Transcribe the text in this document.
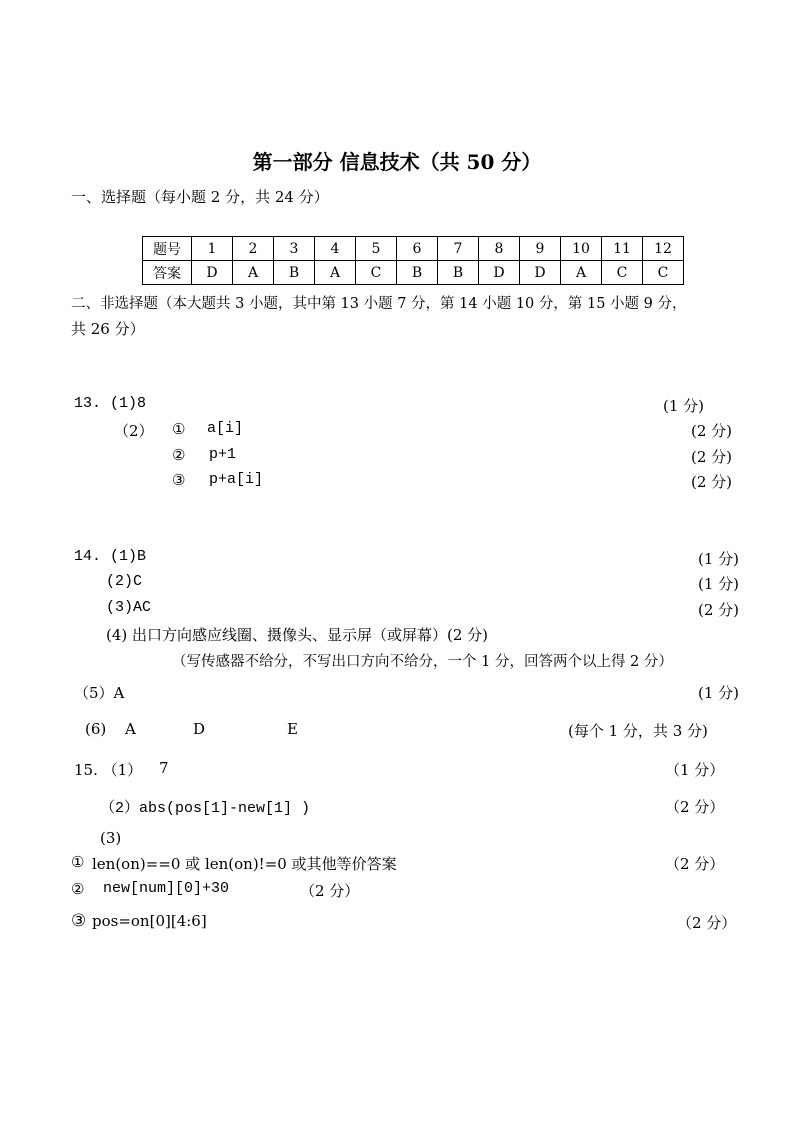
第一部分 信息技术（共 50 分）
一、选择题（每小题 2 分，共 24 分）
题号	1	2	3	4	5	6	7	8	9	10	11	12
答案	D	A	B	A	C	B	B	D	D	A	C	C
二、非选择题（本大题共 3 小题，其中第 13 小题 7 分，第 14 小题 10 分，第 15 小题 9 分，
共 26 分）
13. (1)8	(1 分)
（2） ① a[i]	(2 分)
② p+1	(2 分)
③ p+a[i]	(2 分)
14. (1)B	(1 分)
(2)C	(1 分)
(3)AC	(2 分)
(4) 出口方向感应线圈、摄像头、显示屏（或屏幕）(2 分)
（写传感器不给分，不写出口方向不给分，一个 1 分，回答两个以上得 2 分）
（5）A	(1 分)
(6) A	D	E	(每个 1 分，共 3 分)
15. （1） 7	（1 分）
（2）abs(pos[1]-new[1] )	（2 分）
(3)
① len(on)==0 或 len(on)!=0 或其他等价答案	（2 分）
② new[num][0]+30	（2 分）
③ pos=on[0][4:6]	（2 分）
